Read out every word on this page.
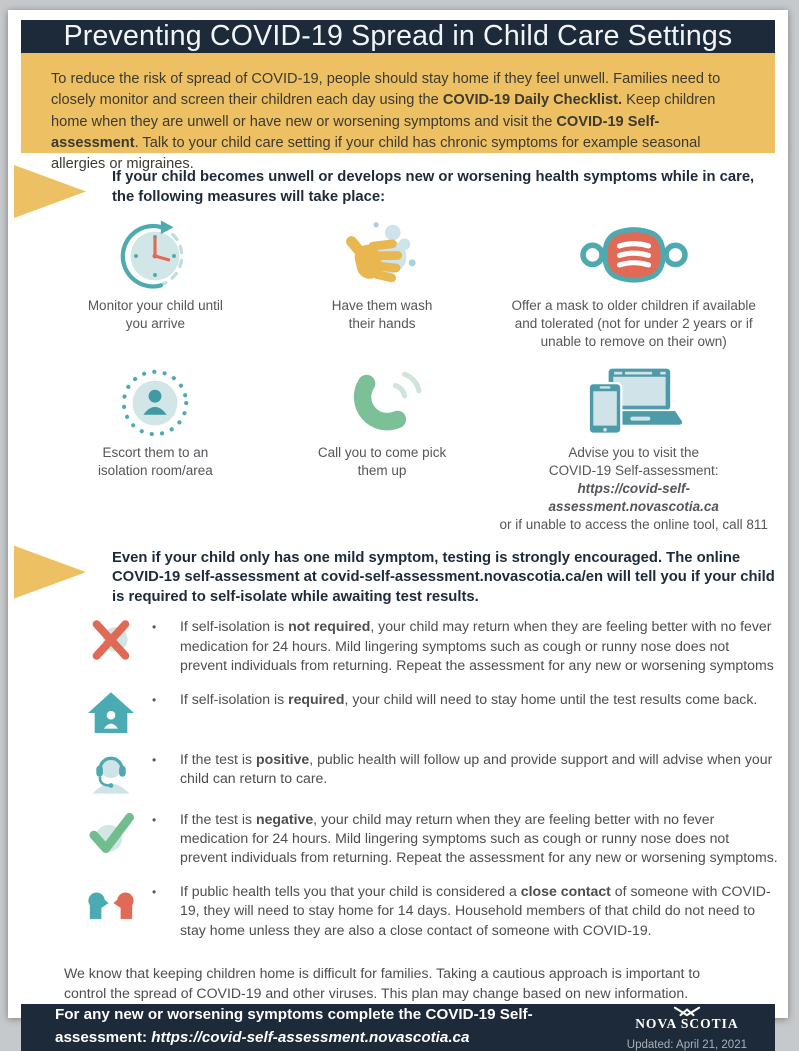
Preventing COVID-19 Spread in Child Care Settings

To reduce the risk of spread of COVID-19, people should stay home if they feel unwell. Families need to closely monitor and screen their children each day using the COVID-19 Daily Checklist. Keep children home when they are unwell or have new or worsening symptoms and visit the COVID-19 Self-assessment. Talk to your child care setting if your child has chronic symptoms for example seasonal allergies or migraines.

If your child becomes unwell or develops new or worsening health symptoms while in care, the following measures will take place:

Monitor your child until
you arrive
Have them wash
their hands
Offer a mask to older children if available
and tolerated (not for under 2 years or if
unable to remove on their own)
Escort them to an
isolation room/area
Call you to come pick
them up
Advise you to visit the
COVID-19 Self-assessment:
https://covid-self-assessment.novascotia.ca
or if unable to access the online tool, call 811

Even if your child only has one mild symptom, testing is strongly encouraged. The online COVID-19 self-assessment at covid-self-assessment.novascotia.ca/en will tell you if your child is required to self-isolate while awaiting test results.

•	If self-isolation is not required, your child may return when they are feeling better with no fever medication for 24 hours. Mild lingering symptoms such as cough or runny nose does not prevent individuals from returning. Repeat the assessment for any new or worsening symptoms
•	If self-isolation is required, your child will need to stay home until the test results come back.
•	If the test is positive, public health will follow up and provide support and will advise when your child can return to care.
•	If the test is negative, your child may return when they are feeling better with no fever medication for 24 hours. Mild lingering symptoms such as cough or runny nose does not prevent individuals from returning. Repeat the assessment for any new or worsening symptoms.
•	If public health tells you that your child is considered a close contact of someone with COVID-19, they will need to stay home for 14 days. Household members of that child do not need to stay home unless they are also a close contact of someone with COVID-19.

We know that keeping children home is difficult for families. Taking a cautious approach is important to control the spread of COVID-19 and other viruses. This plan may change based on new information.

For any new or worsening symptoms complete the COVID-19 Self-assessment: https://covid-self-assessment.novascotia.ca
NOVA SCOTIA
Updated: April 21, 2021
